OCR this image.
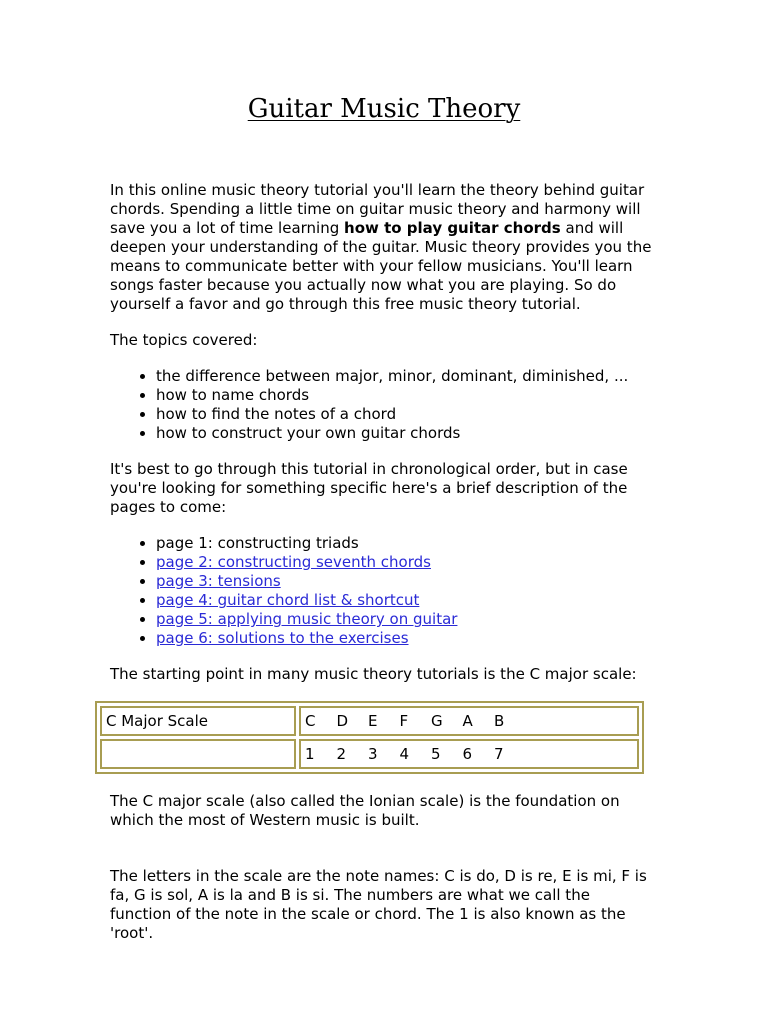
Guitar Music Theory

In this online music theory tutorial you'll learn the theory behind guitar chords. Spending a little time on guitar music theory and harmony will save you a lot of time learning how to play guitar chords and will deepen your understanding of the guitar. Music theory provides you the means to communicate better with your fellow musicians. You'll learn songs faster because you actually now what you are playing. So do yourself a favor and go through this free music theory tutorial.

The topics covered:

• the difference between major, minor, dominant, diminished, ...
• how to name chords
• how to find the notes of a chord
• how to construct your own guitar chords

It's best to go through this tutorial in chronological order, but in case you're looking for something specific here's a brief description of the pages to come:

• page 1: constructing triads
• page 2: constructing seventh chords
• page 3: tensions
• page 4: guitar chord list & shortcut
• page 5: applying music theory on guitar
• page 6: solutions to the exercises

The starting point in many music theory tutorials is the C major scale:

C Major Scale	C D E F G A B
	1 2 3 4 5 6 7

The C major scale (also called the Ionian scale) is the foundation on which the most of Western music is built.

The letters in the scale are the note names: C is do, D is re, E is mi, F is fa, G is sol, A is la and B is si. The numbers are what we call the function of the note in the scale or chord. The 1 is also known as the 'root'.
